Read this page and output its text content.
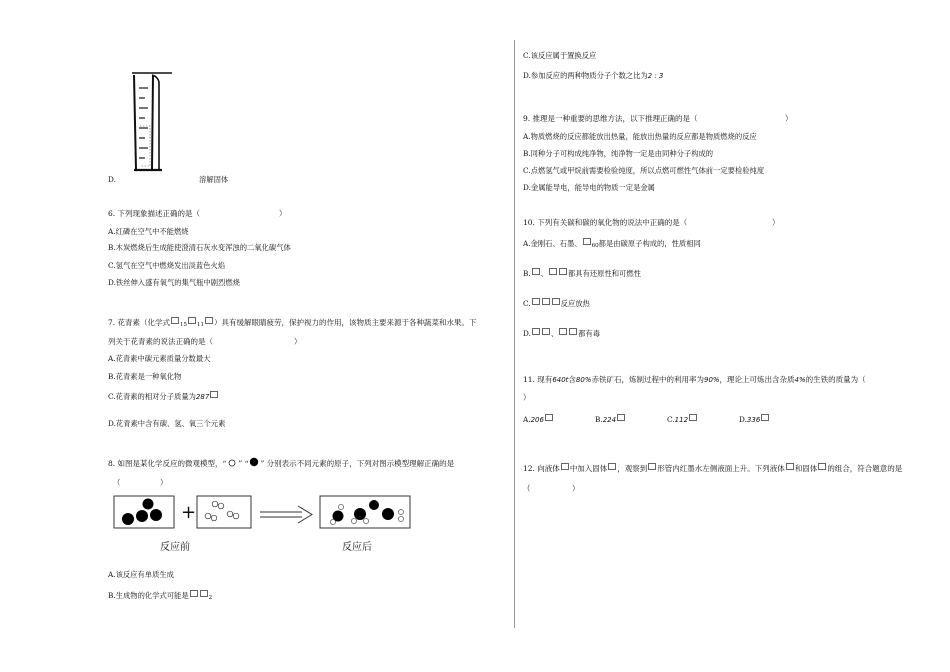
D.	溶解固体
6. 下列现象描述正确的是（	）
A.红磷在空气中不能燃烧
B.木炭燃烧后生成能使澄清石灰水变浑浊的二氧化碳气体
C.氢气在空气中燃烧发出淡蓝色火焰
D.铁丝伸入盛有氧气的集气瓶中剧烈燃烧
7. 花青素（化学式 15 11 ）具有缓解眼睛疲劳，保护视力的作用，该物质主要来源于各种蔬菜和水果。下
列关于花青素的说法正确的是（	）
A.花青素中碳元素质量分数最大
B.花青素是一种氧化物
C.花青素的相对分子质量为287
D.花青素中含有碳、氢、氧三个元素
8. 如图是某化学反应的微观模型，“ ” “ ” 分别表示不同元素的原子，下列对图示模型理解正确的是
（	）
+
反应前	反应后
A.该反应有单质生成
B.生成物的化学式可能是	2
C.该反应属于置换反应
D.参加反应的两种物质分子个数之比为2 : 3
9. 推理是一种重要的思维方法，以下推理正确的是（	）
A.物质燃烧的反应都能放出热量，能放出热量的反应都是物质燃烧的反应
B.同种分子可构成纯净物，纯净物一定是由同种分子构成的
C.点燃氢气或甲烷前需要检验纯度，所以点燃可燃性气体前一定要检验纯度
D.金属能导电，能导电的物质一定是金属
10. 下列有关碳和碳的氧化物的说法中正确的是（	）
A.金刚石、石墨、 60都是由碳原子构成的，性质相同
B. 、	都具有还原性和可燃性
C.	反应放热
D.	、	都有毒
11. 现有640t含80%赤铁矿石，炼制过程中的利用率为90%，理论上可炼出含杂质4%的生铁的质量为（
）
A.206	B.224	C.112	D.336
12. 向液体 中加入固体 ，观察到 形管内红墨水左侧液面上升。下列液体 和固体 的组合，符合题意的是
（	）
